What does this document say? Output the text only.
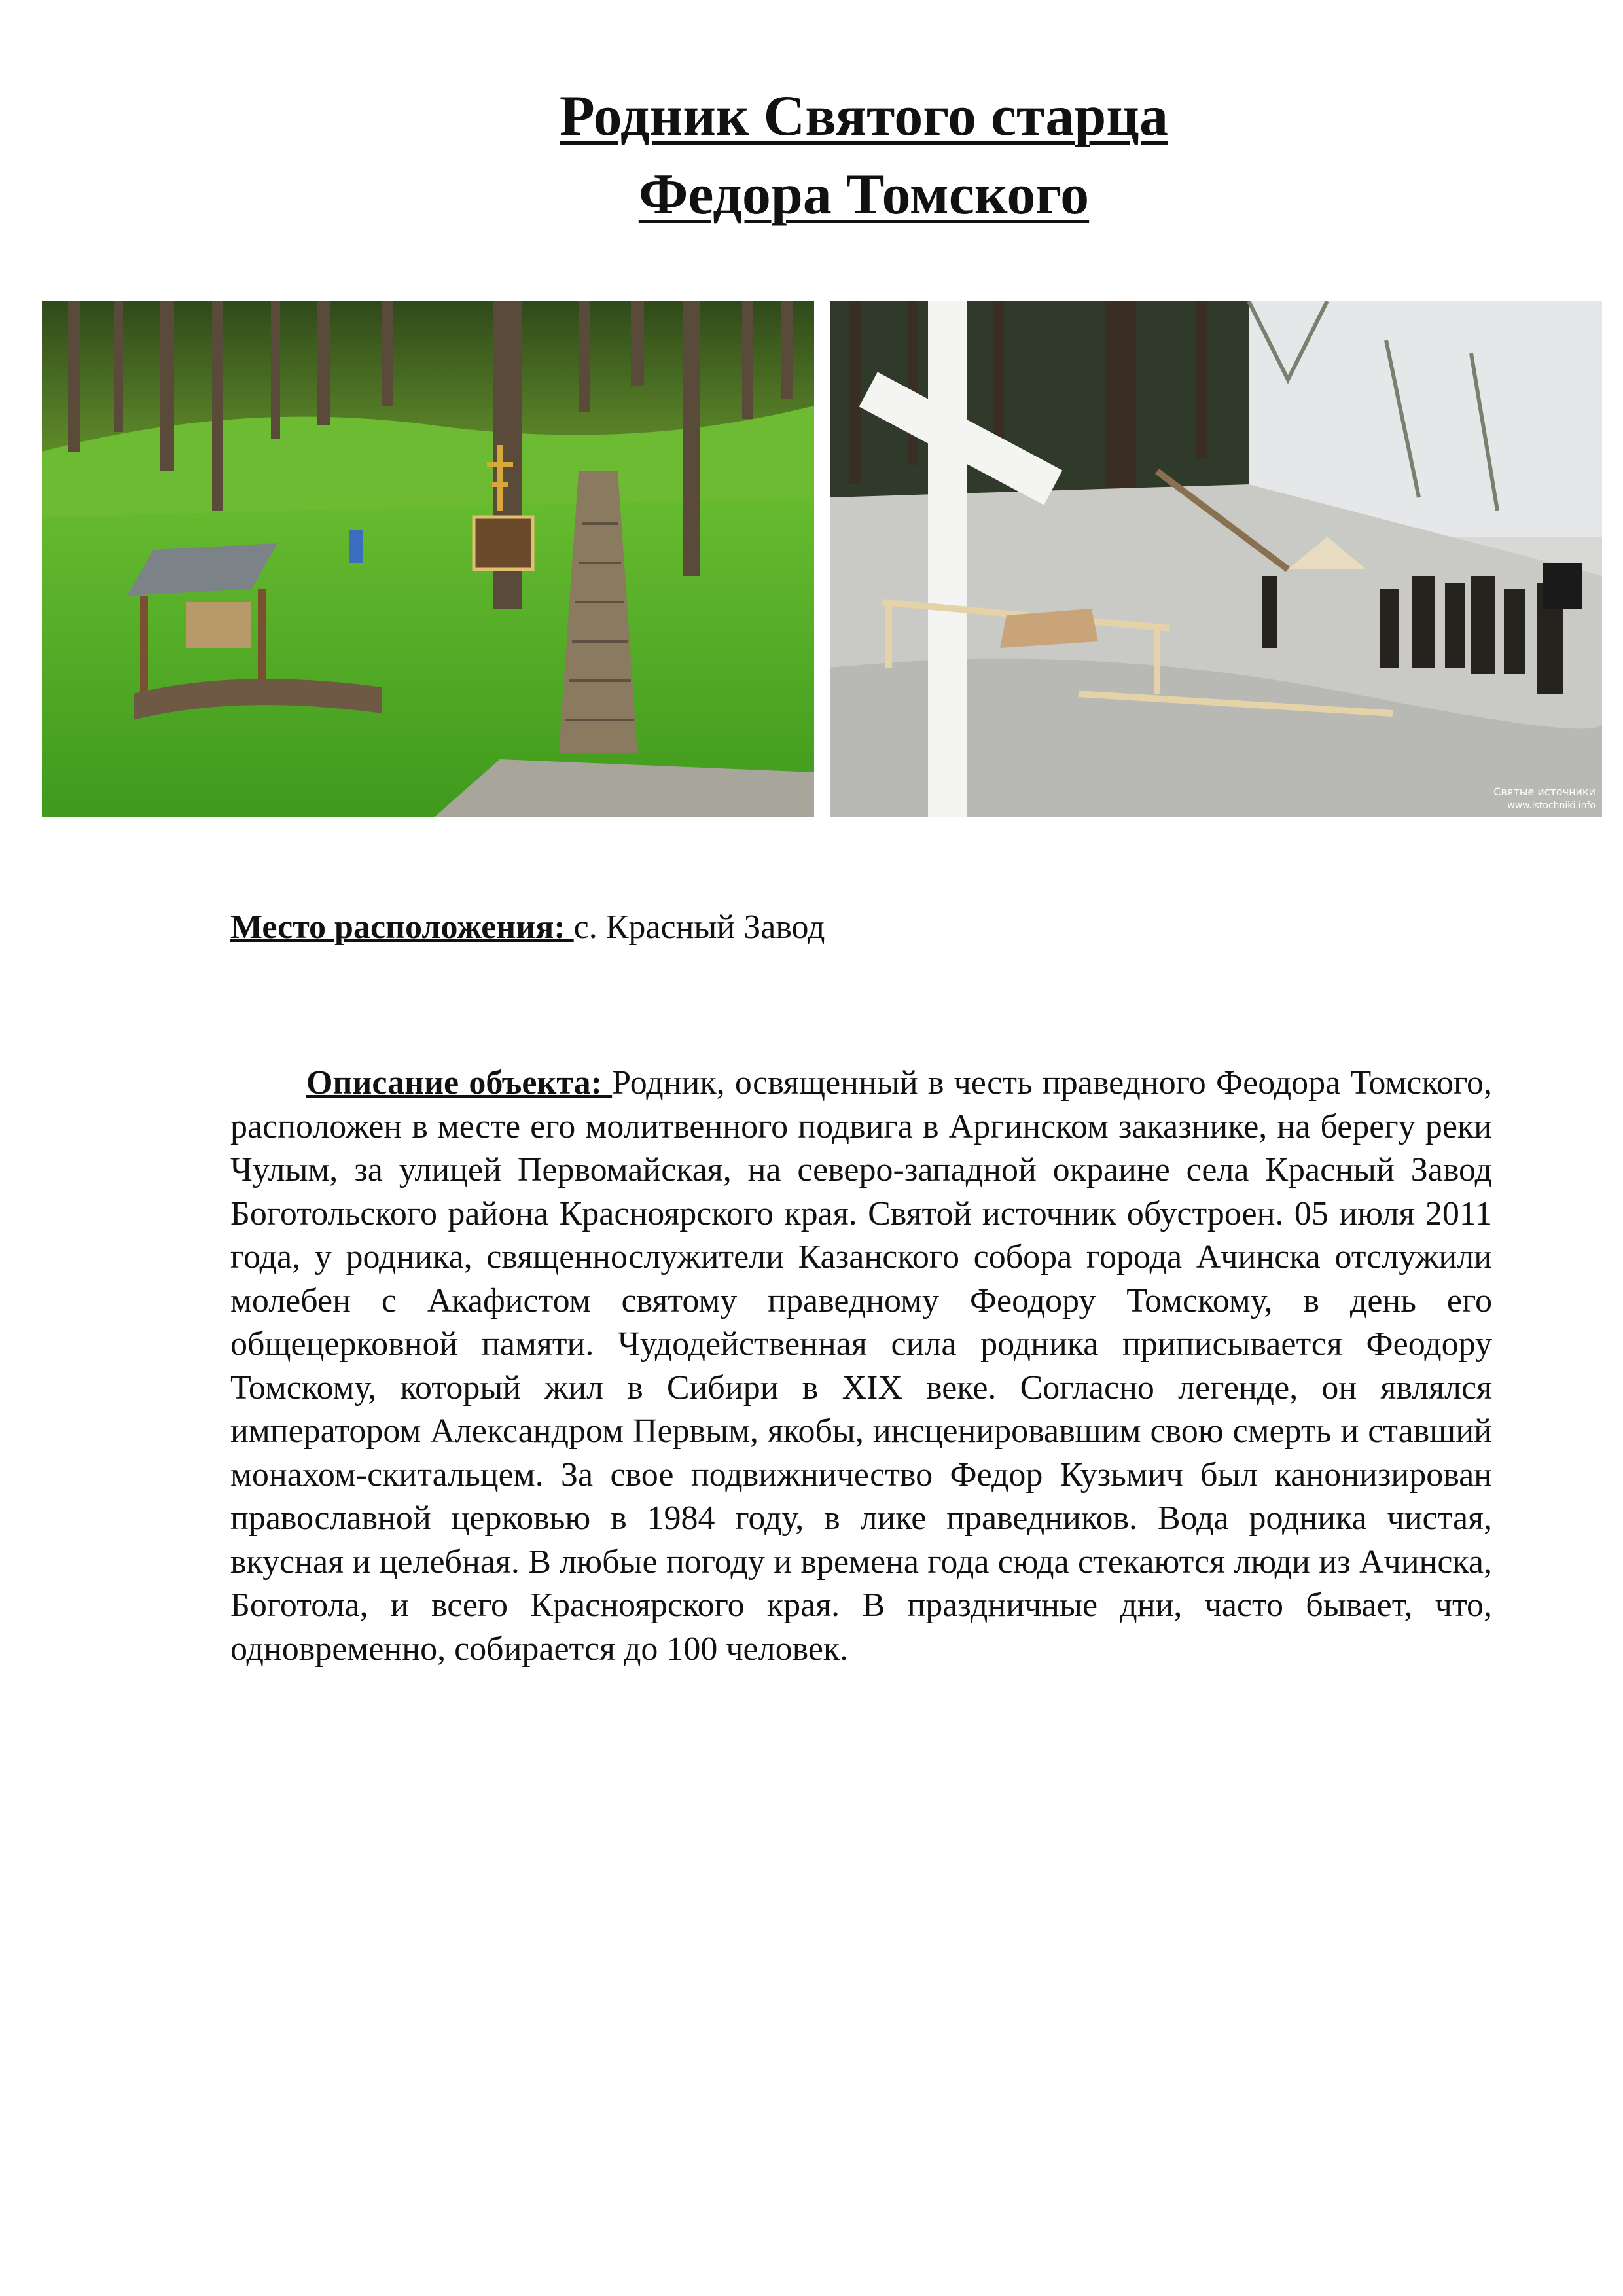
Родник Святого старца
Федора Томского
Святые источники
www.istochniki.info
Место расположения: с. Красный Завод
Описание объекта: Родник, освященный в честь праведного Феодора Томского, расположен в месте его молитвенного подвига в Аргинском заказнике, на берегу реки Чулым, за улицей Первомайская, на северо-западной окраине села Красный Завод Боготольского района Красноярского края. Святой источник обустроен. 05 июля 2011 года, у родника, священнослужители Казанского собора города Ачинска отслужили молебен с Акафистом святому праведному Феодору Томскому, в день его общецерковной памяти. Чудодейственная сила родника приписывается Феодору Томскому, который жил в Сибири в XIX веке. Согласно легенде, он являлся императором Александром Первым, якобы, инсценировавшим свою смерть и ставший монахом-скитальцем. За свое подвижничество Федор Кузьмич был канонизирован православной церковью в 1984 году, в лике праведников. Вода родника чистая, вкусная и целебная. В любые погоду и времена года сюда стекаются люди из Ачинска, Боготола, и всего Красноярского края. В праздничные дни, часто бывает, что, одновременно, собирается до 100 человек.
